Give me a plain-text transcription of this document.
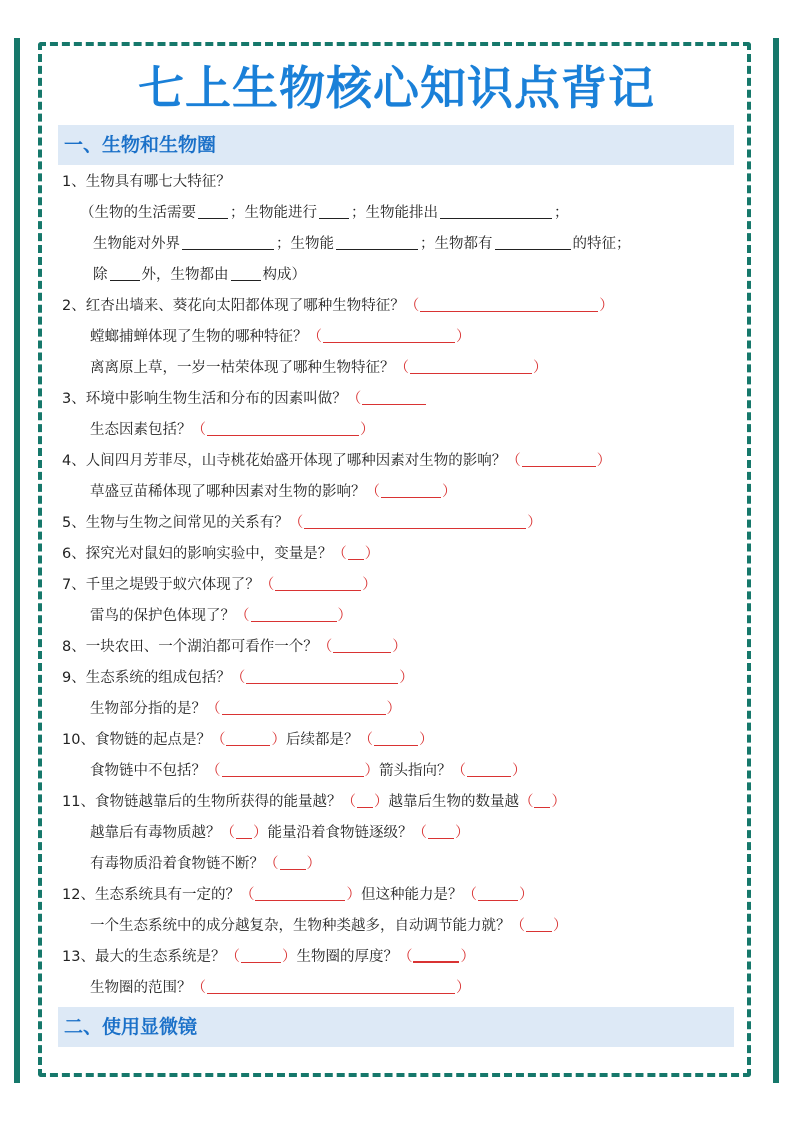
七上生物核心知识点背记
一、生物和生物圈
1、生物具有哪七大特征？
（生物的生活需要 ；生物能进行 ；生物能排出	；
生物能对外界	；生物能	；生物都有	的特征；
除 外，生物都由 构成）
2、红杏出墙来、葵花向太阳都体现了哪种生物特征？（	）
螳螂捕蝉体现了生物的哪种特征？（	）
离离原上草，一岁一枯荣体现了哪种生物特征？（	）
3、环境中影响生物生活和分布的因素叫做？（
生态因素包括？（	）
4、人间四月芳菲尽，山寺桃花始盛开体现了哪种因素对生物的影响？（	）
草盛豆苗稀体现了哪种因素对生物的影响？（	）
5、生物与生物之间常见的关系有？（	）
6、探究光对鼠妇的影响实验中，变量是？（ ）
7、千里之堤毁于蚁穴体现了？（	）
雷鸟的保护色体现了？（	）
8、一块农田、一个湖泊都可看作一个？（	）
9、生态系统的组成包括？（	）
生物部分指的是？（	）
10、食物链的起点是？（	）后续都是？（	）
食物链中不包括？（	）箭头指向？（	）
11、食物链越靠后的生物所获得的能量越？（ ）越靠后生物的数量越（ ）
越靠后有毒物质越？（ ）能量沿着食物链逐级？（ ）
有毒物质沿着食物链不断？（ ）
12、生态系统具有一定的？（	）但这种能力是？（	）
一个生态系统中的成分越复杂，生物种类越多，自动调节能力就？（ ）
13、最大的生态系统是？（	）生物圈的厚度？（	）
生物圈的范围？（	）
二、使用显微镜
